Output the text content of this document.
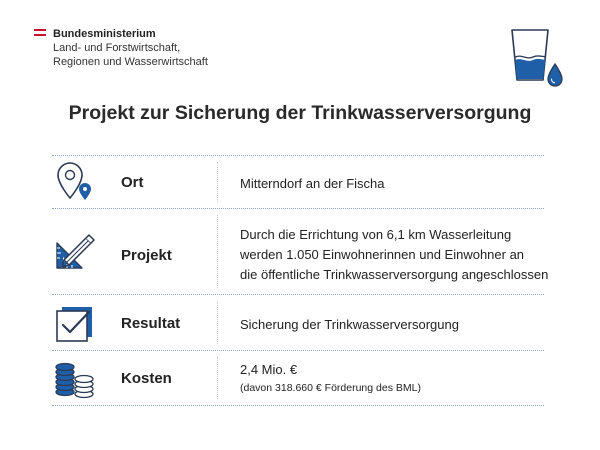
Bundesministerium
Land- und Forstwirtschaft,
Regionen und Wasserwirtschaft
Projekt zur Sicherung der Trinkwasserversorgung
Ort	Mitterndorf an der Fischa
Projekt
Durch die Errichtung von 6,1 km Wasserleitung
werden 1.050 Einwohnerinnen und Einwohner an
die öffentliche Trinkwasserversorgung angeschlossen
Resultat	Sicherung der Trinkwasserversorgung
Kosten
2,4 Mio. €
(davon 318.660 € Förderung des BML)
